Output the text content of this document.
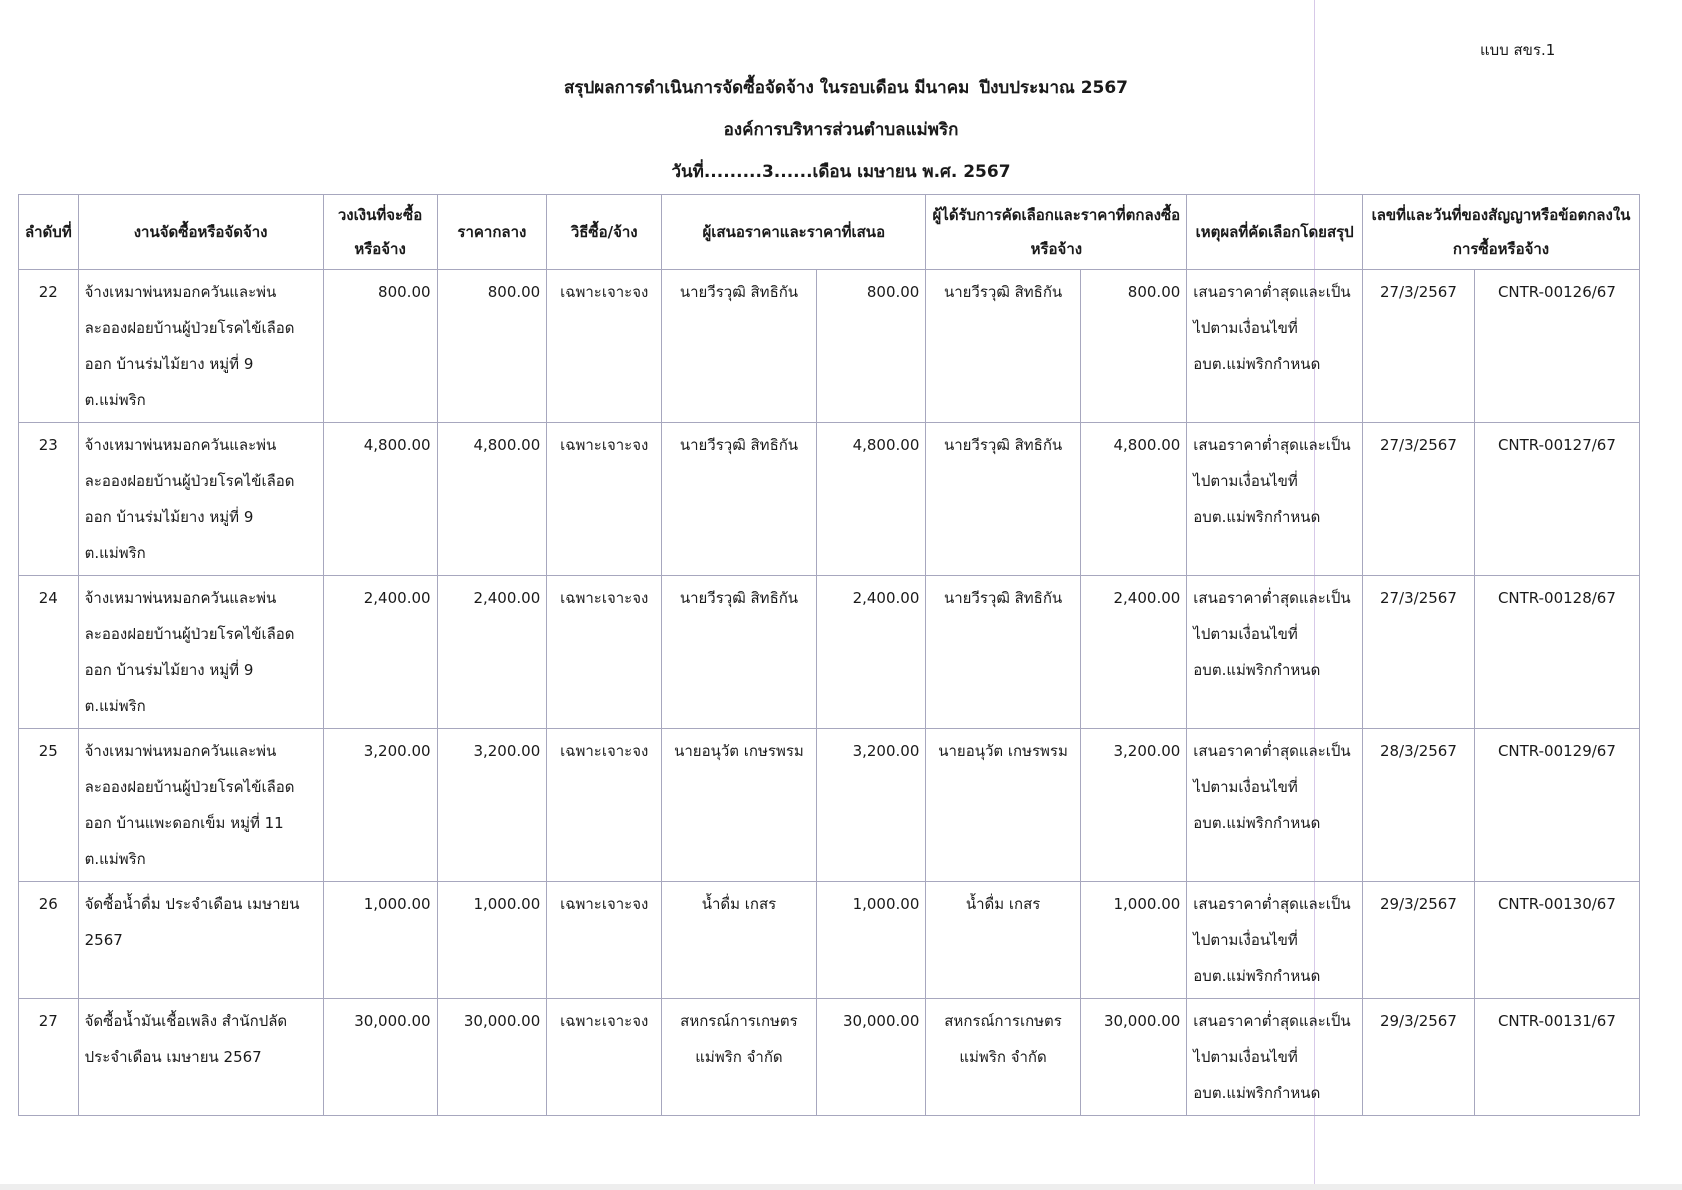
แบบ สขร.1
สรุปผลการดำเนินการจัดซื้อจัดจ้าง ในรอบเดือน มีนาคม ปีงบประมาณ 2567
องค์การบริหารส่วนตำบลแม่พริก
วันที่.........3......เดือน เมษายน พ.ศ. 2567
ลำดับที่	งานจัดซื้อหรือจัดจ้าง	วงเงินที่จะซื้อหรือจ้าง	ราคากลาง	วิธีซื้อ/จ้าง	ผู้เสนอราคาและราคาที่เสนอ		ผู้ได้รับการคัดเลือกและราคาที่ตกลงซื้อหรือจ้าง		เหตุผลที่คัดเลือกโดยสรุป	เลขที่และวันที่ของสัญญาหรือข้อตกลงในการซื้อหรือจ้าง	
22	จ้างเหมาพ่นหมอกควันและพ่นละอองฝอยบ้านผู้ป่วยโรคไข้เลือดออก บ้านร่มไม้ยาง หมู่ที่ 9 ต.แม่พริก	800.00	800.00	เฉพาะเจาะจง	นายวีรวุฒิ สิทธิกัน	800.00	นายวีรวุฒิ สิทธิกัน	800.00	เสนอราคาต่ำสุดและเป็นไปตามเงื่อนไขที่ อบต.แม่พริกกำหนด	27/3/2567	CNTR-00126/67
23	จ้างเหมาพ่นหมอกควันและพ่นละอองฝอยบ้านผู้ป่วยโรคไข้เลือดออก บ้านร่มไม้ยาง หมู่ที่ 9 ต.แม่พริก	4,800.00	4,800.00	เฉพาะเจาะจง	นายวีรวุฒิ สิทธิกัน	4,800.00	นายวีรวุฒิ สิทธิกัน	4,800.00	เสนอราคาต่ำสุดและเป็นไปตามเงื่อนไขที่ อบต.แม่พริกกำหนด	27/3/2567	CNTR-00127/67
24	จ้างเหมาพ่นหมอกควันและพ่นละอองฝอยบ้านผู้ป่วยโรคไข้เลือดออก บ้านร่มไม้ยาง หมู่ที่ 9 ต.แม่พริก	2,400.00	2,400.00	เฉพาะเจาะจง	นายวีรวุฒิ สิทธิกัน	2,400.00	นายวีรวุฒิ สิทธิกัน	2,400.00	เสนอราคาต่ำสุดและเป็นไปตามเงื่อนไขที่ อบต.แม่พริกกำหนด	27/3/2567	CNTR-00128/67
25	จ้างเหมาพ่นหมอกควันและพ่นละอองฝอยบ้านผู้ป่วยโรคไข้เลือดออก บ้านแพะดอกเข็ม หมู่ที่ 11 ต.แม่พริก	3,200.00	3,200.00	เฉพาะเจาะจง	นายอนุวัต เกษรพรม	3,200.00	นายอนุวัต เกษรพรม	3,200.00	เสนอราคาต่ำสุดและเป็นไปตามเงื่อนไขที่ อบต.แม่พริกกำหนด	28/3/2567	CNTR-00129/67
26	จัดซื้อน้ำดื่ม ประจำเดือน เมษายน 2567	1,000.00	1,000.00	เฉพาะเจาะจง	น้ำดื่ม เกสร	1,000.00	น้ำดื่ม เกสร	1,000.00	เสนอราคาต่ำสุดและเป็นไปตามเงื่อนไขที่ อบต.แม่พริกกำหนด	29/3/2567	CNTR-00130/67
27	จัดซื้อน้ำมันเชื้อเพลิง สำนักปลัด ประจำเดือน เมษายน 2567	30,000.00	30,000.00	เฉพาะเจาะจง	สหกรณ์การเกษตรแม่พริก จำกัด	30,000.00	สหกรณ์การเกษตรแม่พริก จำกัด	30,000.00	เสนอราคาต่ำสุดและเป็นไปตามเงื่อนไขที่ อบต.แม่พริกกำหนด	29/3/2567	CNTR-00131/67
